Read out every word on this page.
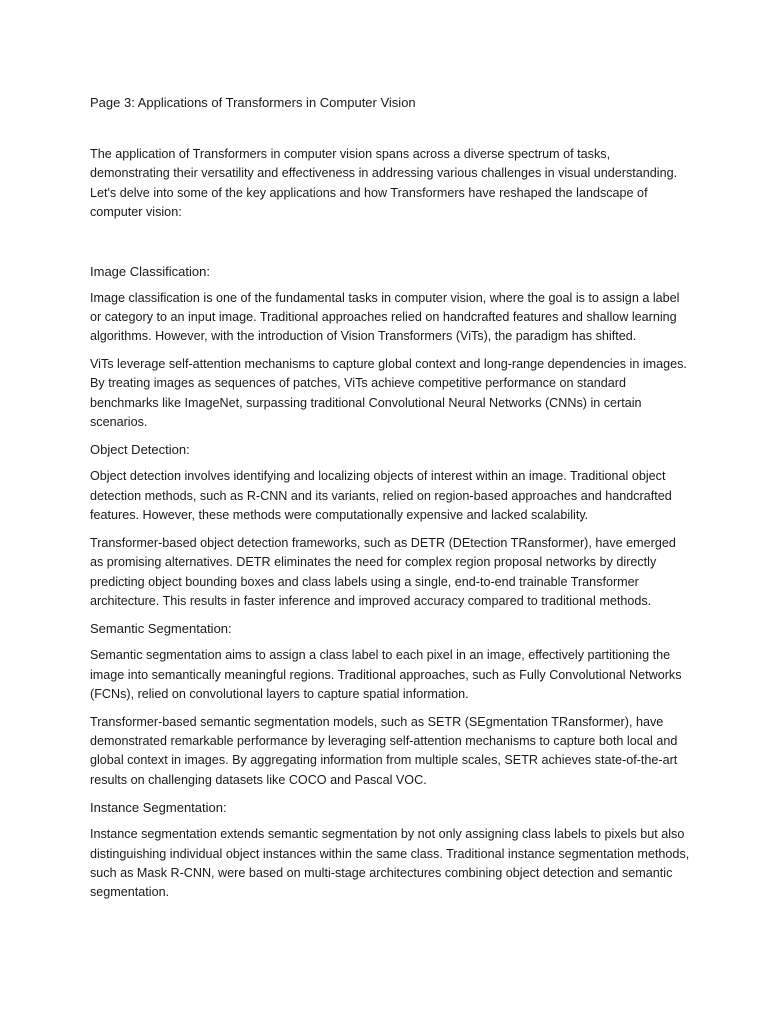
Page 3: Applications of Transformers in Computer Vision

The application of Transformers in computer vision spans across a diverse spectrum of tasks, demonstrating their versatility and effectiveness in addressing various challenges in visual understanding. Let's delve into some of the key applications and how Transformers have reshaped the landscape of computer vision:

Image Classification:

Image classification is one of the fundamental tasks in computer vision, where the goal is to assign a label or category to an input image. Traditional approaches relied on handcrafted features and shallow learning algorithms. However, with the introduction of Vision Transformers (ViTs), the paradigm has shifted.

ViTs leverage self-attention mechanisms to capture global context and long-range dependencies in images. By treating images as sequences of patches, ViTs achieve competitive performance on standard benchmarks like ImageNet, surpassing traditional Convolutional Neural Networks (CNNs) in certain scenarios.

Object Detection:

Object detection involves identifying and localizing objects of interest within an image. Traditional object detection methods, such as R-CNN and its variants, relied on region-based approaches and handcrafted features. However, these methods were computationally expensive and lacked scalability.

Transformer-based object detection frameworks, such as DETR (DEtection TRansformer), have emerged as promising alternatives. DETR eliminates the need for complex region proposal networks by directly predicting object bounding boxes and class labels using a single, end-to-end trainable Transformer architecture. This results in faster inference and improved accuracy compared to traditional methods.

Semantic Segmentation:

Semantic segmentation aims to assign a class label to each pixel in an image, effectively partitioning the image into semantically meaningful regions. Traditional approaches, such as Fully Convolutional Networks (FCNs), relied on convolutional layers to capture spatial information.

Transformer-based semantic segmentation models, such as SETR (SEgmentation TRansformer), have demonstrated remarkable performance by leveraging self-attention mechanisms to capture both local and global context in images. By aggregating information from multiple scales, SETR achieves state-of-the-art results on challenging datasets like COCO and Pascal VOC.

Instance Segmentation:

Instance segmentation extends semantic segmentation by not only assigning class labels to pixels but also distinguishing individual object instances within the same class. Traditional instance segmentation methods, such as Mask R-CNN, were based on multi-stage architectures combining object detection and semantic segmentation.
